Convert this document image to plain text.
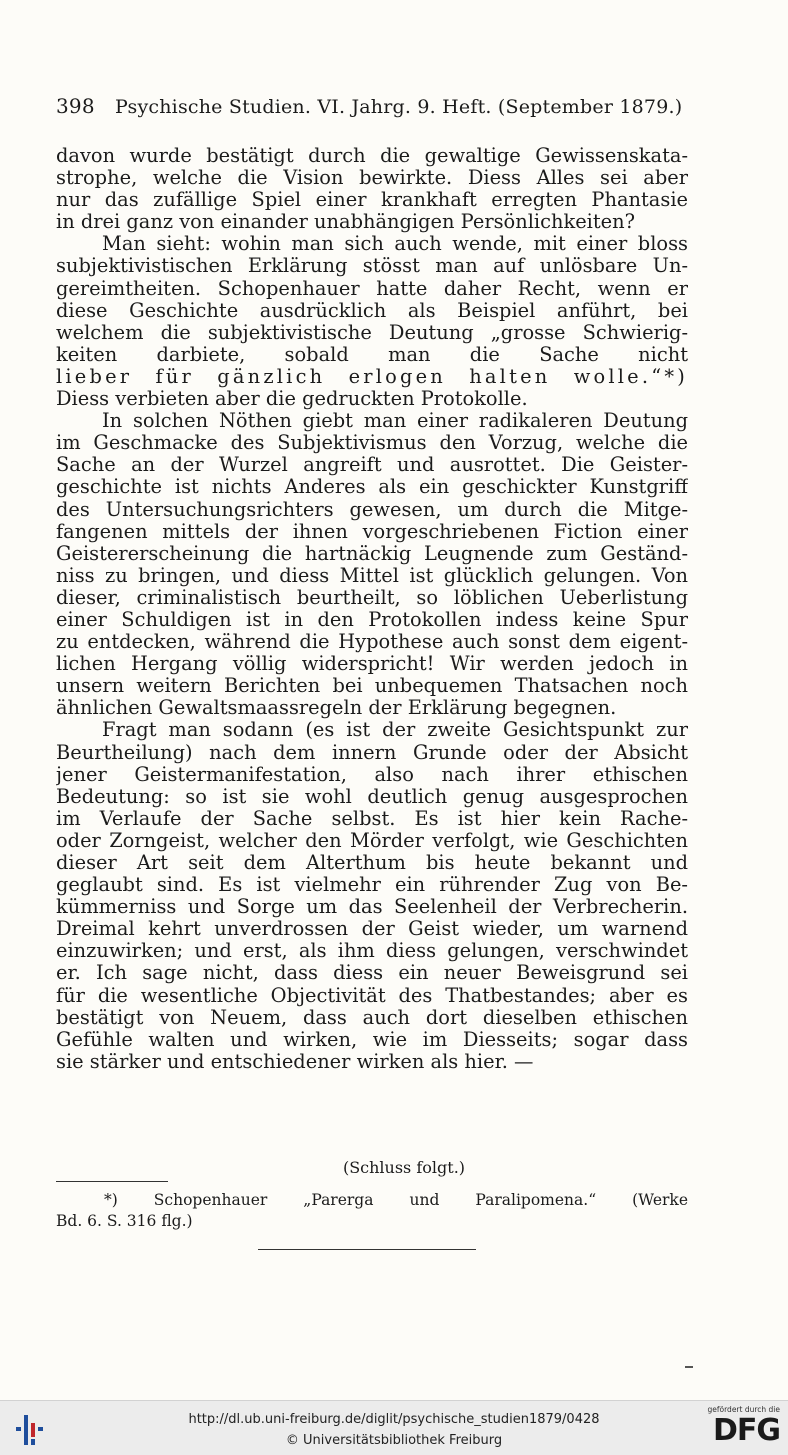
398 Psychische Studien. VI. Jahrg. 9. Heft. (September 1879.)
davon wurde bestätigt durch die gewaltige Gewissenskata-
strophe, welche die Vision bewirkte. Diess Alles sei aber
nur das zufällige Spiel einer krankhaft erregten Phantasie
in drei ganz von einander unabhängigen Persönlichkeiten?
Man sieht: wohin man sich auch wende, mit einer bloss
subjektivistischen Erklärung stösst man auf unlösbare Un-
gereimtheiten. Schopenhauer hatte daher Recht, wenn er
diese Geschichte ausdrücklich als Beispiel anführt, bei
welchem die subjektivistische Deutung „grosse Schwierig-
keiten darbiete, sobald man die Sache nicht
lieber für gänzlich erlogen halten wolle.“*)
Diess verbieten aber die gedruckten Protokolle.
In solchen Nöthen giebt man einer radikaleren Deutung
im Geschmacke des Subjektivismus den Vorzug, welche die
Sache an der Wurzel angreift und ausrottet. Die Geister-
geschichte ist nichts Anderes als ein geschickter Kunstgriff
des Untersuchungsrichters gewesen, um durch die Mitge-
fangenen mittels der ihnen vorgeschriebenen Fiction einer
Geistererscheinung die hartnäckig Leugnende zum Geständ-
niss zu bringen, und diess Mittel ist glücklich gelungen. Von
dieser, criminalistisch beurtheilt, so löblichen Ueberlistung
einer Schuldigen ist in den Protokollen indess keine Spur
zu entdecken, während die Hypothese auch sonst dem eigent-
lichen Hergang völlig widerspricht! Wir werden jedoch in
unsern weitern Berichten bei unbequemen Thatsachen noch
ähnlichen Gewaltsmaassregeln der Erklärung begegnen.
Fragt man sodann (es ist der zweite Gesichtspunkt zur
Beurtheilung) nach dem innern Grunde oder der Absicht
jener Geistermanifestation, also nach ihrer ethischen
Bedeutung: so ist sie wohl deutlich genug ausgesprochen
im Verlaufe der Sache selbst. Es ist hier kein Rache-
oder Zorngeist, welcher den Mörder verfolgt, wie Geschichten
dieser Art seit dem Alterthum bis heute bekannt und
geglaubt sind. Es ist vielmehr ein rührender Zug von Be-
kümmerniss und Sorge um das Seelenheil der Verbrecherin.
Dreimal kehrt unverdrossen der Geist wieder, um warnend
einzuwirken; und erst, als ihm diess gelungen, verschwindet
er. Ich sage nicht, dass diess ein neuer Beweisgrund sei
für die wesentliche Objectivität des Thatbestandes; aber es
bestätigt von Neuem, dass auch dort dieselben ethischen
Gefühle walten und wirken, wie im Diesseits; sogar dass
sie stärker und entschiedener wirken als hier. —
(Schluss folgt.)
*) Schopenhauer „Parerga und Paralipomena.“ (Werke
Bd. 6. S. 316 flg.)
http://dl.ub.uni-freiburg.de/diglit/psychische_studien1879/0428
© Universitätsbibliothek Freiburg
gefördert durch die
DFG
